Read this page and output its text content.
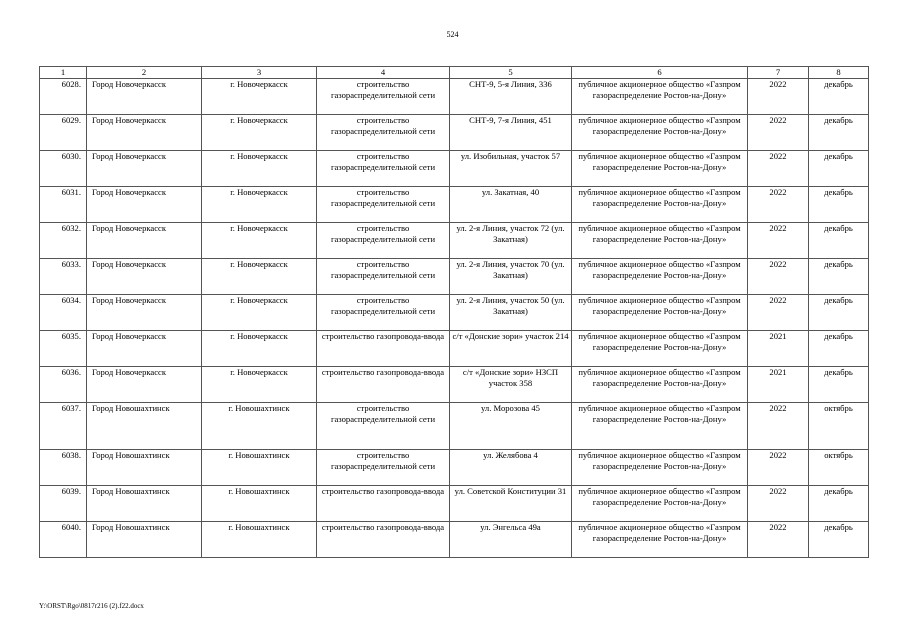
524
1	2	3	4	5	6	7	8
6028.	Город Новочеркасск	г. Новочеркасск	строительство газораспределительной сети	СНТ-9, 5-я Линия, 336	публичное акционерное общество «Газпром газораспределение Ростов-на-Дону»	2022	декабрь
6029.	Город Новочеркасск	г. Новочеркасск	строительство газораспределительной сети	СНТ-9, 7-я Линия, 451	публичное акционерное общество «Газпром газораспределение Ростов-на-Дону»	2022	декабрь
6030.	Город Новочеркасск	г. Новочеркасск	строительство газораспределительной сети	ул. Изобильная, участок 57	публичное акционерное общество «Газпром газораспределение Ростов-на-Дону»	2022	декабрь
6031.	Город Новочеркасск	г. Новочеркасск	строительство газораспределительной сети	ул. Закатная, 40	публичное акционерное общество «Газпром газораспределение Ростов-на-Дону»	2022	декабрь
6032.	Город Новочеркасск	г. Новочеркасск	строительство газораспределительной сети	ул. 2-я Линия, участок 72 (ул. Закатная)	публичное акционерное общество «Газпром газораспределение Ростов-на-Дону»	2022	декабрь
6033.	Город Новочеркасск	г. Новочеркасск	строительство газораспределительной сети	ул. 2-я Линия, участок 70 (ул. Закатная)	публичное акционерное общество «Газпром газораспределение Ростов-на-Дону»	2022	декабрь
6034.	Город Новочеркасск	г. Новочеркасск	строительство газораспределительной сети	ул. 2-я Линия, участок 50 (ул. Закатная)	публичное акционерное общество «Газпром газораспределение Ростов-на-Дону»	2022	декабрь
6035.	Город Новочеркасск	г. Новочеркасск	строительство газопровода-ввода	с/т «Донские зори» участок 214	публичное акционерное общество «Газпром газораспределение Ростов-на-Дону»	2021	декабрь
6036.	Город Новочеркасск	г. Новочеркасск	строительство газопровода-ввода	с/т «Донские зори» НЗСП участок 358	публичное акционерное общество «Газпром газораспределение Ростов-на-Дону»	2021	декабрь
6037.	Город Новошахтинск	г. Новошахтинск	строительство газораспределительной сети	ул. Морозова 45	публичное акционерное общество «Газпром газораспределение Ростов-на-Дону»	2022	октябрь
6038.	Город Новошахтинск	г. Новошахтинск	строительство газораспределительной сети	ул. Желябова 4	публичное акционерное общество «Газпром газораспределение Ростов-на-Дону»	2022	октябрь
6039.	Город Новошахтинск	г. Новошахтинск	строительство газопровода-ввода	ул. Советской Конституции 31	публичное акционерное общество «Газпром газораспределение Ростов-на-Дону»	2022	декабрь
6040.	Город Новошахтинск	г. Новошахтинск	строительство газопровода-ввода	ул. Энгельса 49а	публичное акционерное общество «Газпром газораспределение Ростов-на-Дону»	2022	декабрь
Y:\ORST\Rgo\0817r216 (2).f22.docx
